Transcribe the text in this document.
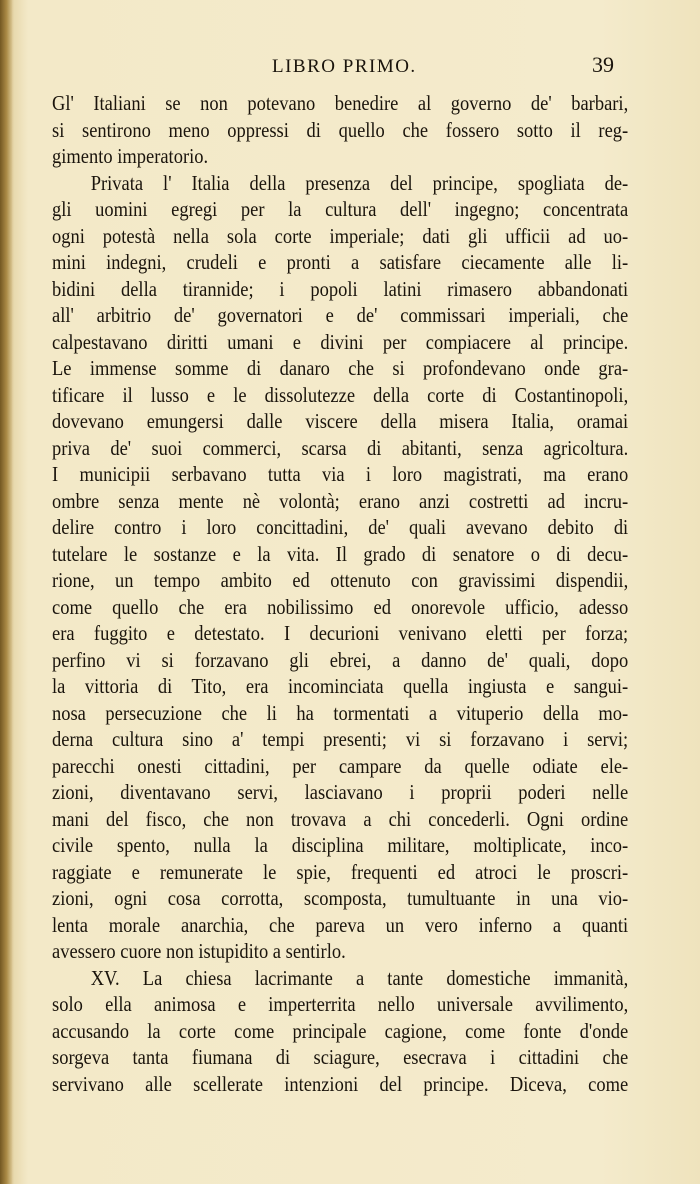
LIBRO PRIMO.	39
Gl' Italiani se non potevano benedire al governo de' barbari,
si sentirono meno oppressi di quello che fossero sotto il reg-
gimento imperatorio.
Privata l' Italia della presenza del principe, spogliata de-
gli uomini egregi per la cultura dell' ingegno; concentrata
ogni potestà nella sola corte imperiale; dati gli ufficii ad uo-
mini indegni, crudeli e pronti a satisfare ciecamente alle li-
bidini della tirannide; i popoli latini rimasero abbandonati
all' arbitrio de' governatori e de' commissari imperiali, che
calpestavano diritti umani e divini per compiacere al principe.
Le immense somme di danaro che si profondevano onde gra-
tificare il lusso e le dissolutezze della corte di Costantinopoli,
dovevano emungersi dalle viscere della misera Italia, oramai
priva de' suoi commerci, scarsa di abitanti, senza agricoltura.
I municipii serbavano tutta via i loro magistrati, ma erano
ombre senza mente nè volontà; erano anzi costretti ad incru-
delire contro i loro concittadini, de' quali avevano debito di
tutelare le sostanze e la vita. Il grado di senatore o di decu-
rione, un tempo ambito ed ottenuto con gravissimi dispendii,
come quello che era nobilissimo ed onorevole ufficio, adesso
era fuggito e detestato. I decurioni venivano eletti per forza;
perfino vi si forzavano gli ebrei, a danno de' quali, dopo
la vittoria di Tito, era incominciata quella ingiusta e sangui-
nosa persecuzione che li ha tormentati a vituperio della mo-
derna cultura sino a' tempi presenti; vi si forzavano i servi;
parecchi onesti cittadini, per campare da quelle odiate ele-
zioni, diventavano servi, lasciavano i proprii poderi nelle
mani del fisco, che non trovava a chi concederli. Ogni ordine
civile spento, nulla la disciplina militare, moltiplicate, inco-
raggiate e remunerate le spie, frequenti ed atroci le proscri-
zioni, ogni cosa corrotta, scomposta, tumultuante in una vio-
lenta morale anarchia, che pareva un vero inferno a quanti
avessero cuore non istupidito a sentirlo.
XV. La chiesa lacrimante a tante domestiche immanità,
solo ella animosa e imperterrita nello universale avvilimento,
accusando la corte come principale cagione, come fonte d'onde
sorgeva tanta fiumana di sciagure, esecrava i cittadini che
servivano alle scellerate intenzioni del principe. Diceva, come
